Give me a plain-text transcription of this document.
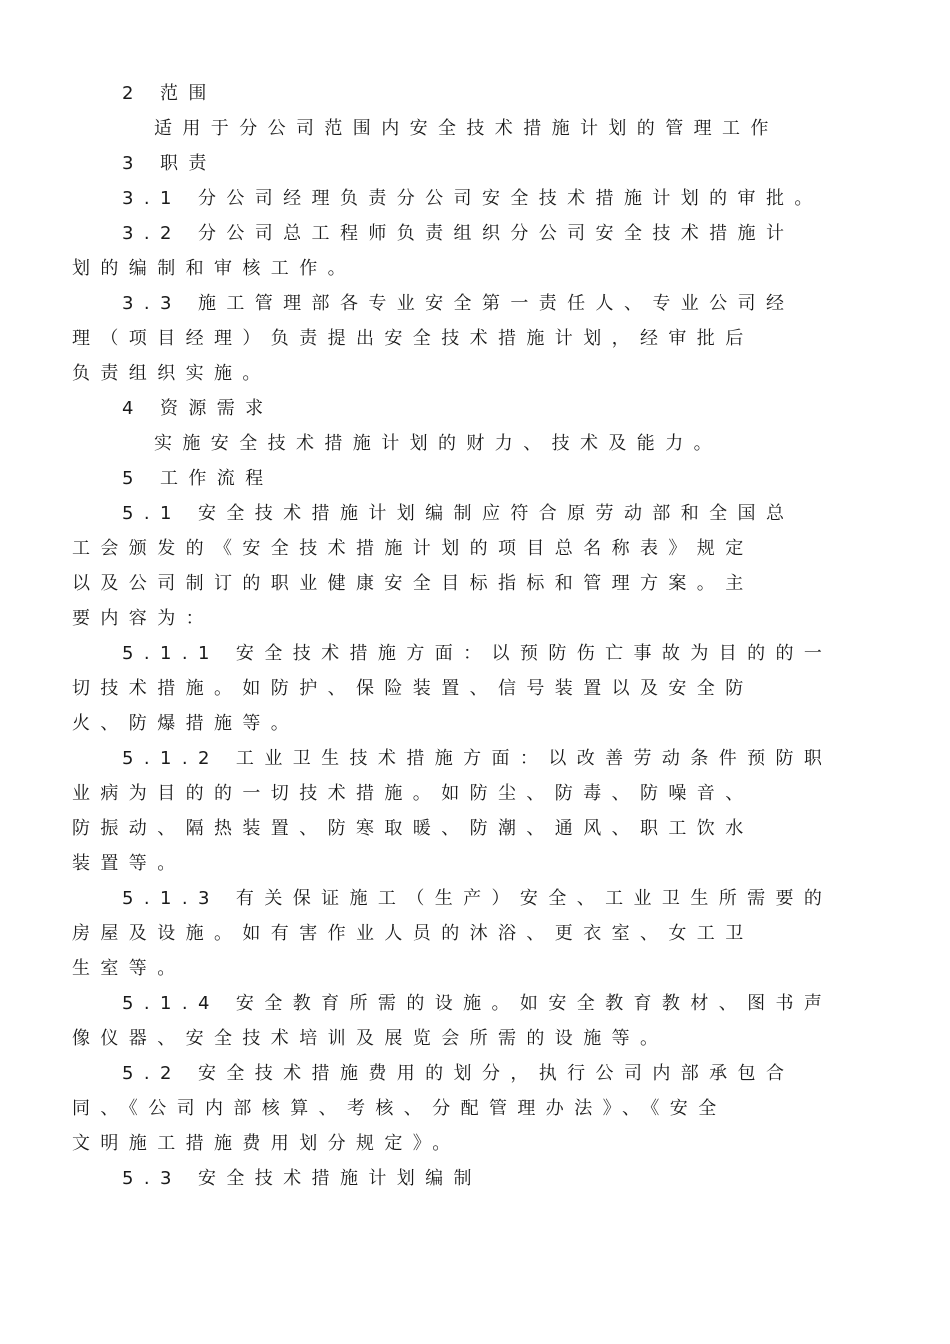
2 范围
适用于分公司范围内安全技术措施计划的管理工作
3 职责
3.1 分公司经理负责分公司安全技术措施计划的审批。
3.2 分公司总工程师负责组织分公司安全技术措施计
划的编制和审核工作。
3.3 施工管理部各专业安全第一责任人、专业公司经
理（项目经理）负责提出安全技术措施计划，经审批后
负责组织实施。
4 资源需求
实施安全技术措施计划的财力、技术及能力。
5 工作流程
5.1 安全技术措施计划编制应符合原劳动部和全国总
工会颁发的《安全技术措施计划的项目总名称表》规定
以及公司制订的职业健康安全目标指标和管理方案。主
要内容为：
5.1.1 安全技术措施方面：以预防伤亡事故为目的的一
切技术措施。如防护、保险装置、信号装置以及安全防
火、防爆措施等。
5.1.2 工业卫生技术措施方面：以改善劳动条件预防职
业病为目的的一切技术措施。如防尘、防毒、防噪音、
防振动、隔热装置、防寒取暖、防潮、通风、职工饮水
装置等。
5.1.3 有关保证施工（生产）安全、工业卫生所需要的
房屋及设施。如有害作业人员的沐浴、更衣室、女工卫
生室等。
5.1.4 安全教育所需的设施。如安全教育教材、图书声
像仪器、安全技术培训及展览会所需的设施等。
5.2 安全技术措施费用的划分，执行公司内部承包合
同、《公司内部核算、考核、分配管理办法》、《安全
文明施工措施费用划分规定》。
5.3 安全技术措施计划编制
